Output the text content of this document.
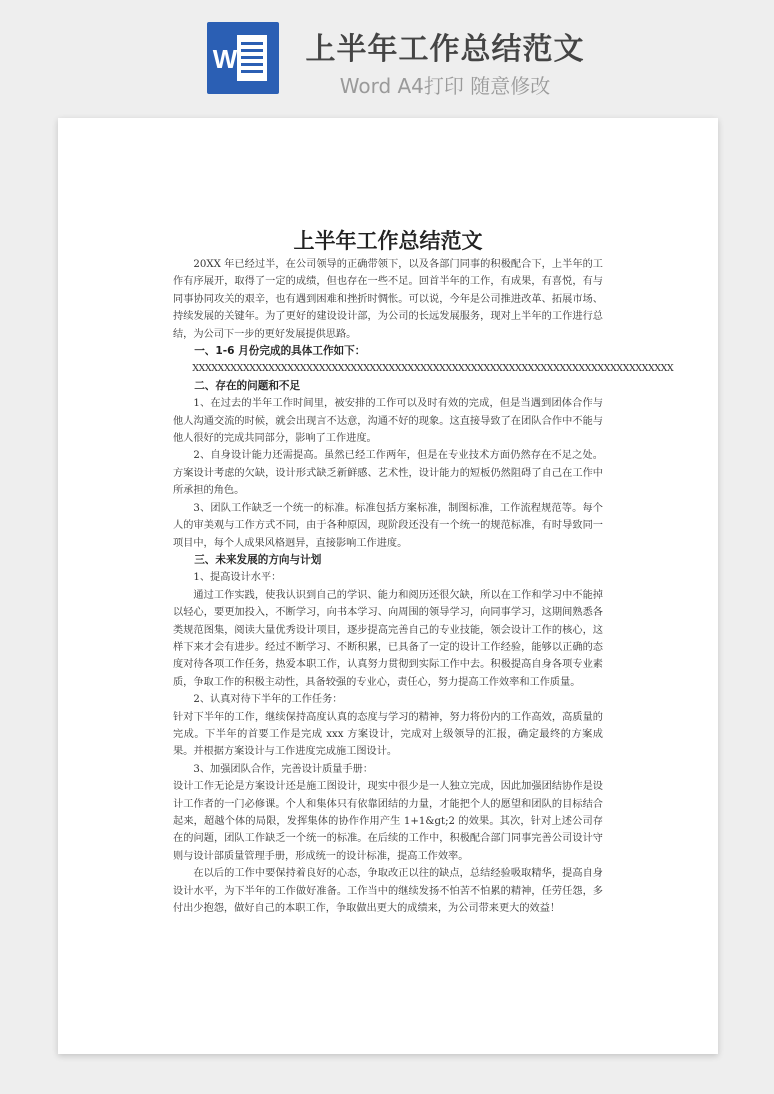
W 上半年工作总结范文
Word A4打印 随意修改
上半年工作总结范文

20XX 年已经过半，在公司领导的正确带领下，以及各部门同事的积极配合下，上半年的工作有序展开，取得了一定的成绩，但也存在一些不足。回首半年的工作，有成果，有喜悦，有与同事协同攻关的艰辛，也有遇到困难和挫折时惆怅。可以说，今年是公司推进改革、拓展市场、持续发展的关键年。为了更好的建设设计部，为公司的长远发展服务，现对上半年的工作进行总结，为公司下一步的更好发展提供思路。

一、1-6 月份完成的具体工作如下：

XXXXXXXXXXXXXXXXXXXXXXXXXXXXXXXXXXXXXXXXXXXXXXXXXXXXXXXXXXXXXXXXXXXXXXXXXXXX

二、存在的问题和不足

1、在过去的半年工作时间里，被安排的工作可以及时有效的完成，但是当遇到团体合作与他人沟通交流的时候，就会出现言不达意，沟通不好的现象。这直接导致了在团队合作中不能与他人很好的完成共同部分，影响了工作进度。

2、自身设计能力还需提高。虽然已经工作两年，但是在专业技术方面仍然存在不足之处。方案设计考虑的欠缺，设计形式缺乏新鲜感、艺术性，设计能力的短板仍然阻碍了自己在工作中所承担的角色。

3、团队工作缺乏一个统一的标准。标准包括方案标准，制图标准，工作流程规范等。每个人的审美观与工作方式不同，由于各种原因，现阶段还没有一个统一的规范标准，有时导致同一项目中，每个人成果风格迥异，直接影响工作进度。

三、未来发展的方向与计划

1、提高设计水平：

通过工作实践，使我认识到自己的学识、能力和阅历还很欠缺，所以在工作和学习中不能掉以轻心，要更加投入，不断学习，向书本学习、向周围的领导学习，向同事学习，这期间熟悉各类规范图集，阅读大量优秀设计项目，逐步提高完善自己的专业技能，领会设计工作的核心，这样下来才会有进步。经过不断学习、不断积累，已具备了一定的设计工作经验，能够以正确的态度对待各项工作任务，热爱本职工作，认真努力贯彻到实际工作中去。积极提高自身各项专业素质，争取工作的积极主动性，具备较强的专业心，责任心，努力提高工作效率和工作质量。

2、认真对待下半年的工作任务：

针对下半年的工作，继续保持高度认真的态度与学习的精神，努力将份内的工作高效，高质量的完成。下半年的首要工作是完成 xxx 方案设计，完成对上级领导的汇报，确定最终的方案成果。并根据方案设计与工作进度完成施工图设计。

3、加强团队合作，完善设计质量手册：

设计工作无论是方案设计还是施工图设计，现实中很少是一人独立完成，因此加强团结协作是设计工作者的一门必修课。个人和集体只有依靠团结的力量，才能把个人的愿望和团队的目标结合起来，超越个体的局限，发挥集体的协作作用产生 1+1&gt;2 的效果。其次，针对上述公司存在的问题，团队工作缺乏一个统一的标准。在后续的工作中，积极配合部门同事完善公司设计守则与设计部质量管理手册，形成统一的设计标准，提高工作效率。

在以后的工作中要保持着良好的心态，争取改正以往的缺点，总结经验吸取精华，提高自身设计水平，为下半年的工作做好准备。工作当中的继续发扬不怕苦不怕累的精神，任劳任怨，多付出少抱怨，做好自己的本职工作，争取做出更大的成绩来，为公司带来更大的效益！
